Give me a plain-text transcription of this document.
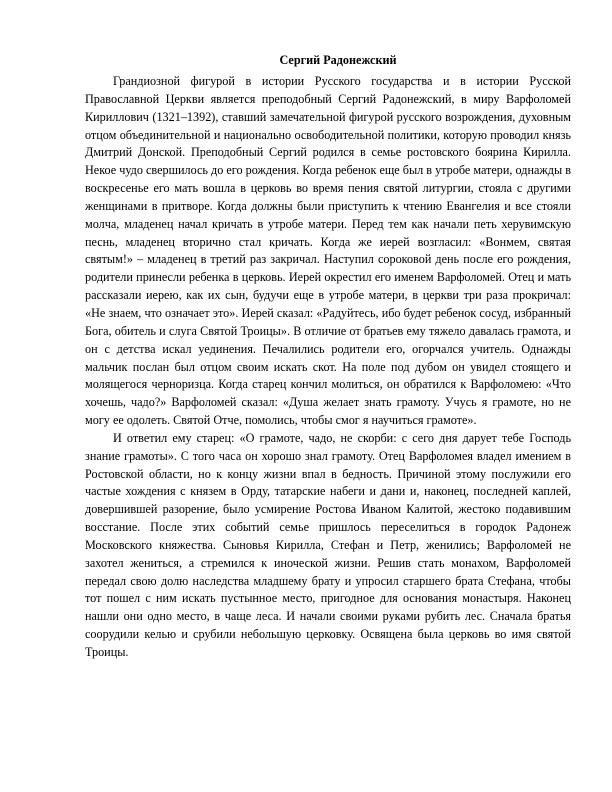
Сергий Радонежский

Грандиозной фигурой в истории Русского государства и в истории Русской Православной Церкви является преподобный Сергий Радонежский, в миру Варфоломей Кириллович (1321–1392), ставший замечательной фигурой русского возрождения, духовным отцом объединительной и национально освободительной политики, которую проводил князь Дмитрий Донской. Преподобный Сергий родился в семье ростовского боярина Кирилла. Некое чудо свершилось до его рождения. Когда ребенок еще был в утробе матери, однажды в воскресенье его мать вошла в церковь во время пения святой литургии, стояла с другими женщинами в притворе. Когда должны были приступить к чтению Евангелия и все стояли молча, младенец начал кричать в утробе матери. Перед тем как начали петь херувимскую песнь, младенец вторично стал кричать. Когда же иерей возгласил: «Вонмем, святая святым!» – младенец в третий раз закричал. Наступил сороковой день после его рождения, родители принесли ребенка в церковь. Иерей окрестил его именем Варфоломей. Отец и мать рассказали иерею, как их сын, будучи еще в утробе матери, в церкви три раза прокричал: «Не знаем, что означает это». Иерей сказал: «Радуйтесь, ибо будет ребенок сосуд, избранный Бога, обитель и слуга Святой Троицы». В отличие от братьев ему тяжело давалась грамота, и он с детства искал уединения. Печалились родители его, огорчался учитель. Однажды мальчик послан был отцом своим искать скот. На поле под дубом он увидел стоящего и молящегося черноризца. Когда старец кончил молиться, он обратился к Варфоломею: «Что хочешь, чадо?» Варфоломей сказал: «Душа желает знать грамоту. Учусь я грамоте, но не могу ее одолеть. Святой Отче, помолись, чтобы смог я научиться грамоте».

И ответил ему старец: «О грамоте, чадо, не скорби: с сего дня дарует тебе Господь знание грамоты». С того часа он хорошо знал грамоту. Отец Варфоломея владел имением в Ростовской области, но к концу жизни впал в бедность. Причиной этому послужили его частые хождения с князем в Орду, татарские набеги и дани и, наконец, последней каплей, довершившей разорение, было усмирение Ростова Иваном Калитой, жестоко подавившим восстание. После этих событий семье пришлось переселиться в городок Радонеж Московского княжества. Сыновья Кирилла, Стефан и Петр, женились; Варфоломей не захотел жениться, а стремился к иноческой жизни. Решив стать монахом, Варфоломей передал свою долю наследства младшему брату и упросил старшего брата Стефана, чтобы тот пошел с ним искать пустынное место, пригодное для основания монастыря. Наконец нашли они одно место, в чаще леса. И начали своими руками рубить лес. Сначала братья соорудили келью и срубили небольшую церковку. Освящена была церковь во имя святой Троицы.
